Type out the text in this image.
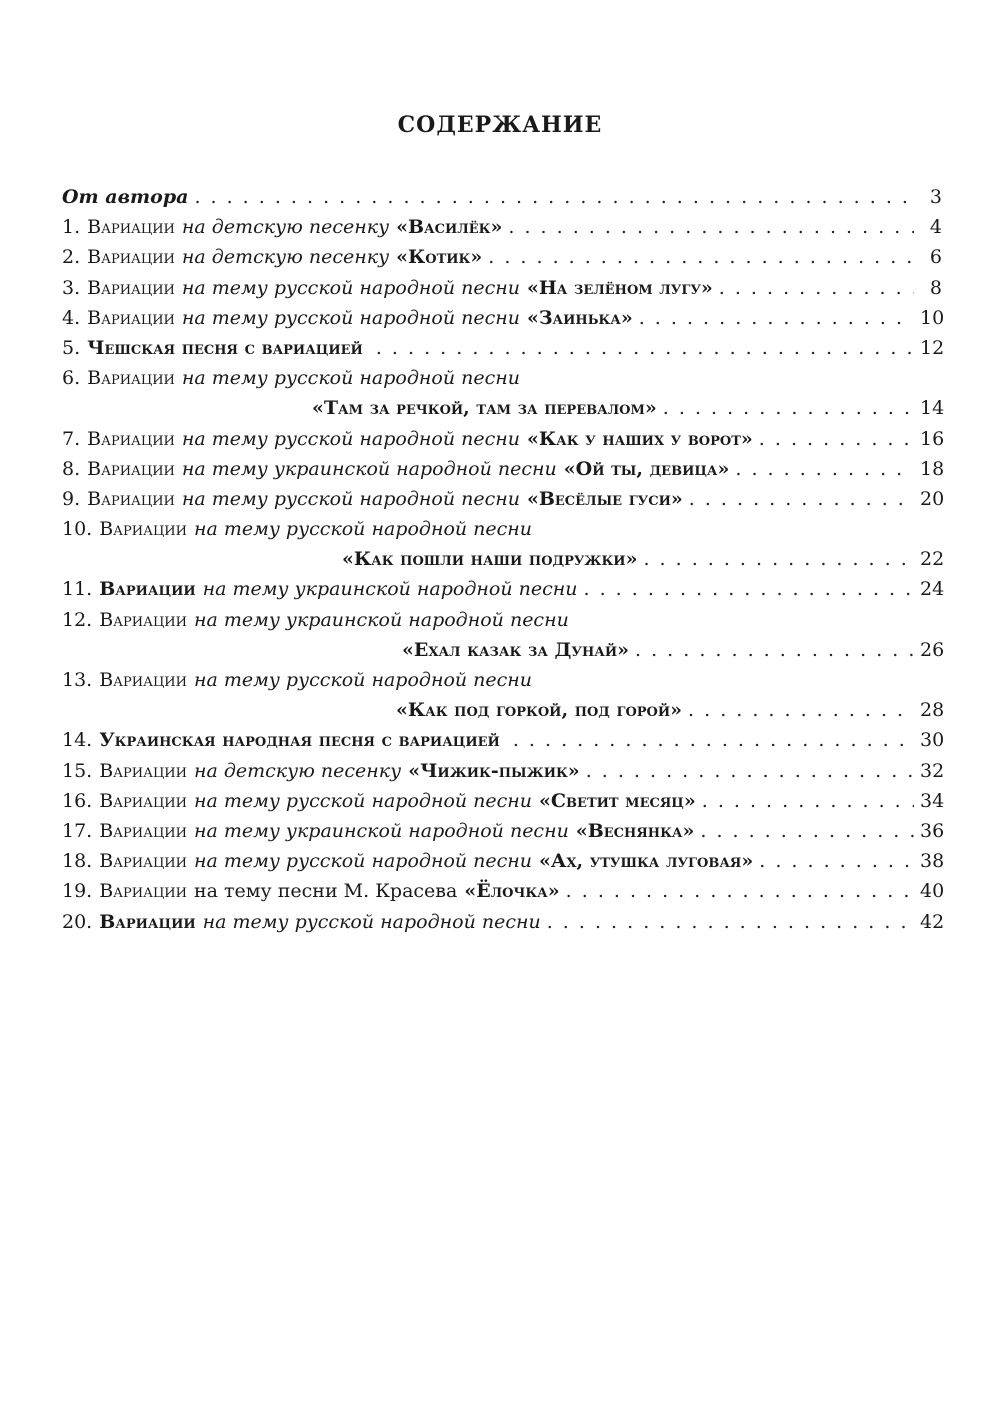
СОДЕРЖАНИЕ
От автора . . .	3
1. Вариации на детскую песенку «Василёк» . . .	4
2. Вариации на детскую песенку «Котик» . . .	6
3. Вариации на тему русской народной песни «На зелёном лугу» . . .	8
4. Вариации на тему русской народной песни «Заинька» . . .	10
5. Чешская песня с вариацией . . .	12
6. Вариации на тему русской народной песни
«Там за речкой, там за перевалом» . . .	14
7. Вариации на тему русской народной песни «Как у наших у ворот» . . .	16
8. Вариации на тему украинской народной песни «Ой ты, девица» . . .	18
9. Вариации на тему русской народной песни «Весёлые гуси» . . .	20
10. Вариации на тему русской народной песни
«Как пошли наши подружки» . . .	22
11. Вариации на тему украинской народной песни . . .	24
12. Вариации на тему украинской народной песни
«Ехал казак за Дунай» . . .	26
13. Вариации на тему русской народной песни
«Как под горкой, под горой» . . .	28
14. Украинская народная песня с вариацией . . .	30
15. Вариации на детскую песенку «Чижик-пыжик» . . .	32
16. Вариации на тему русской народной песни «Светит месяц» . . .	34
17. Вариации на тему украинской народной песни «Веснянка» . . .	36
18. Вариации на тему русской народной песни «Ах, утушка луговая» . . .	38
19. Вариации на тему песни М. Красева «Ёлочка» . . .	40
20. Вариации на тему русской народной песни . . .	42
